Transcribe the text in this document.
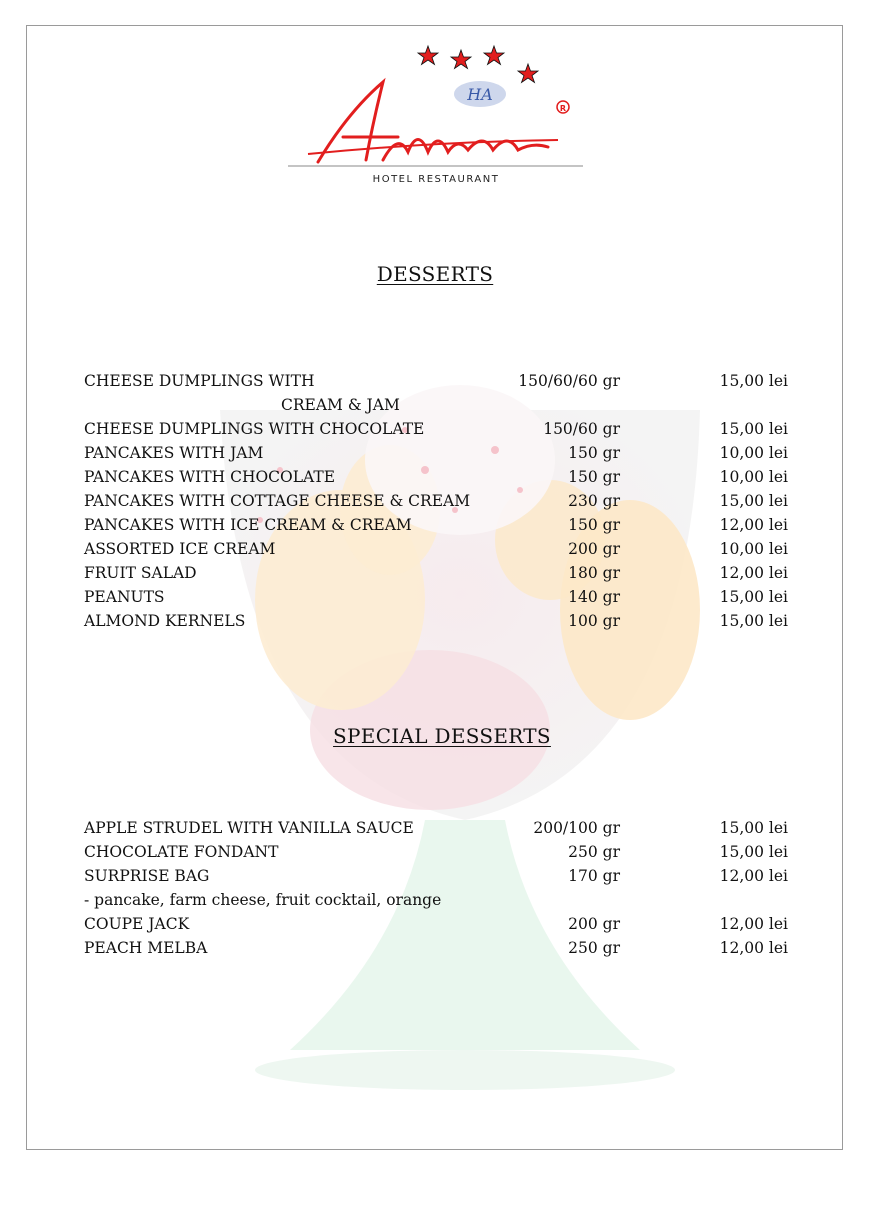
HA
R
HOTEL RESTAURANT
DESSERTS
CHEESE DUMPLINGS WITH	150/60/60 gr	15,00 lei
CREAM & JAM
CHEESE DUMPLINGS WITH CHOCOLATE	150/60 gr	15,00 lei
PANCAKES WITH JAM	150 gr	10,00 lei
PANCAKES WITH CHOCOLATE	150 gr	10,00 lei
PANCAKES WITH COTTAGE CHEESE & CREAM	230 gr	15,00 lei
PANCAKES WITH ICE CREAM & CREAM	150 gr	12,00 lei
ASSORTED ICE CREAM	200 gr	10,00 lei
FRUIT SALAD	180 gr	12,00 lei
PEANUTS	140 gr	15,00 lei
ALMOND KERNELS	100 gr	15,00 lei
SPECIAL DESSERTS
APPLE STRUDEL WITH VANILLA SAUCE	200/100 gr	15,00 lei
CHOCOLATE FONDANT	250 gr	15,00 lei
SURPRISE BAG	170 gr	12,00 lei
- pancake, farm cheese, fruit cocktail, orange
COUPE JACK	200 gr	12,00 lei
PEACH MELBA	250 gr	12,00 lei
